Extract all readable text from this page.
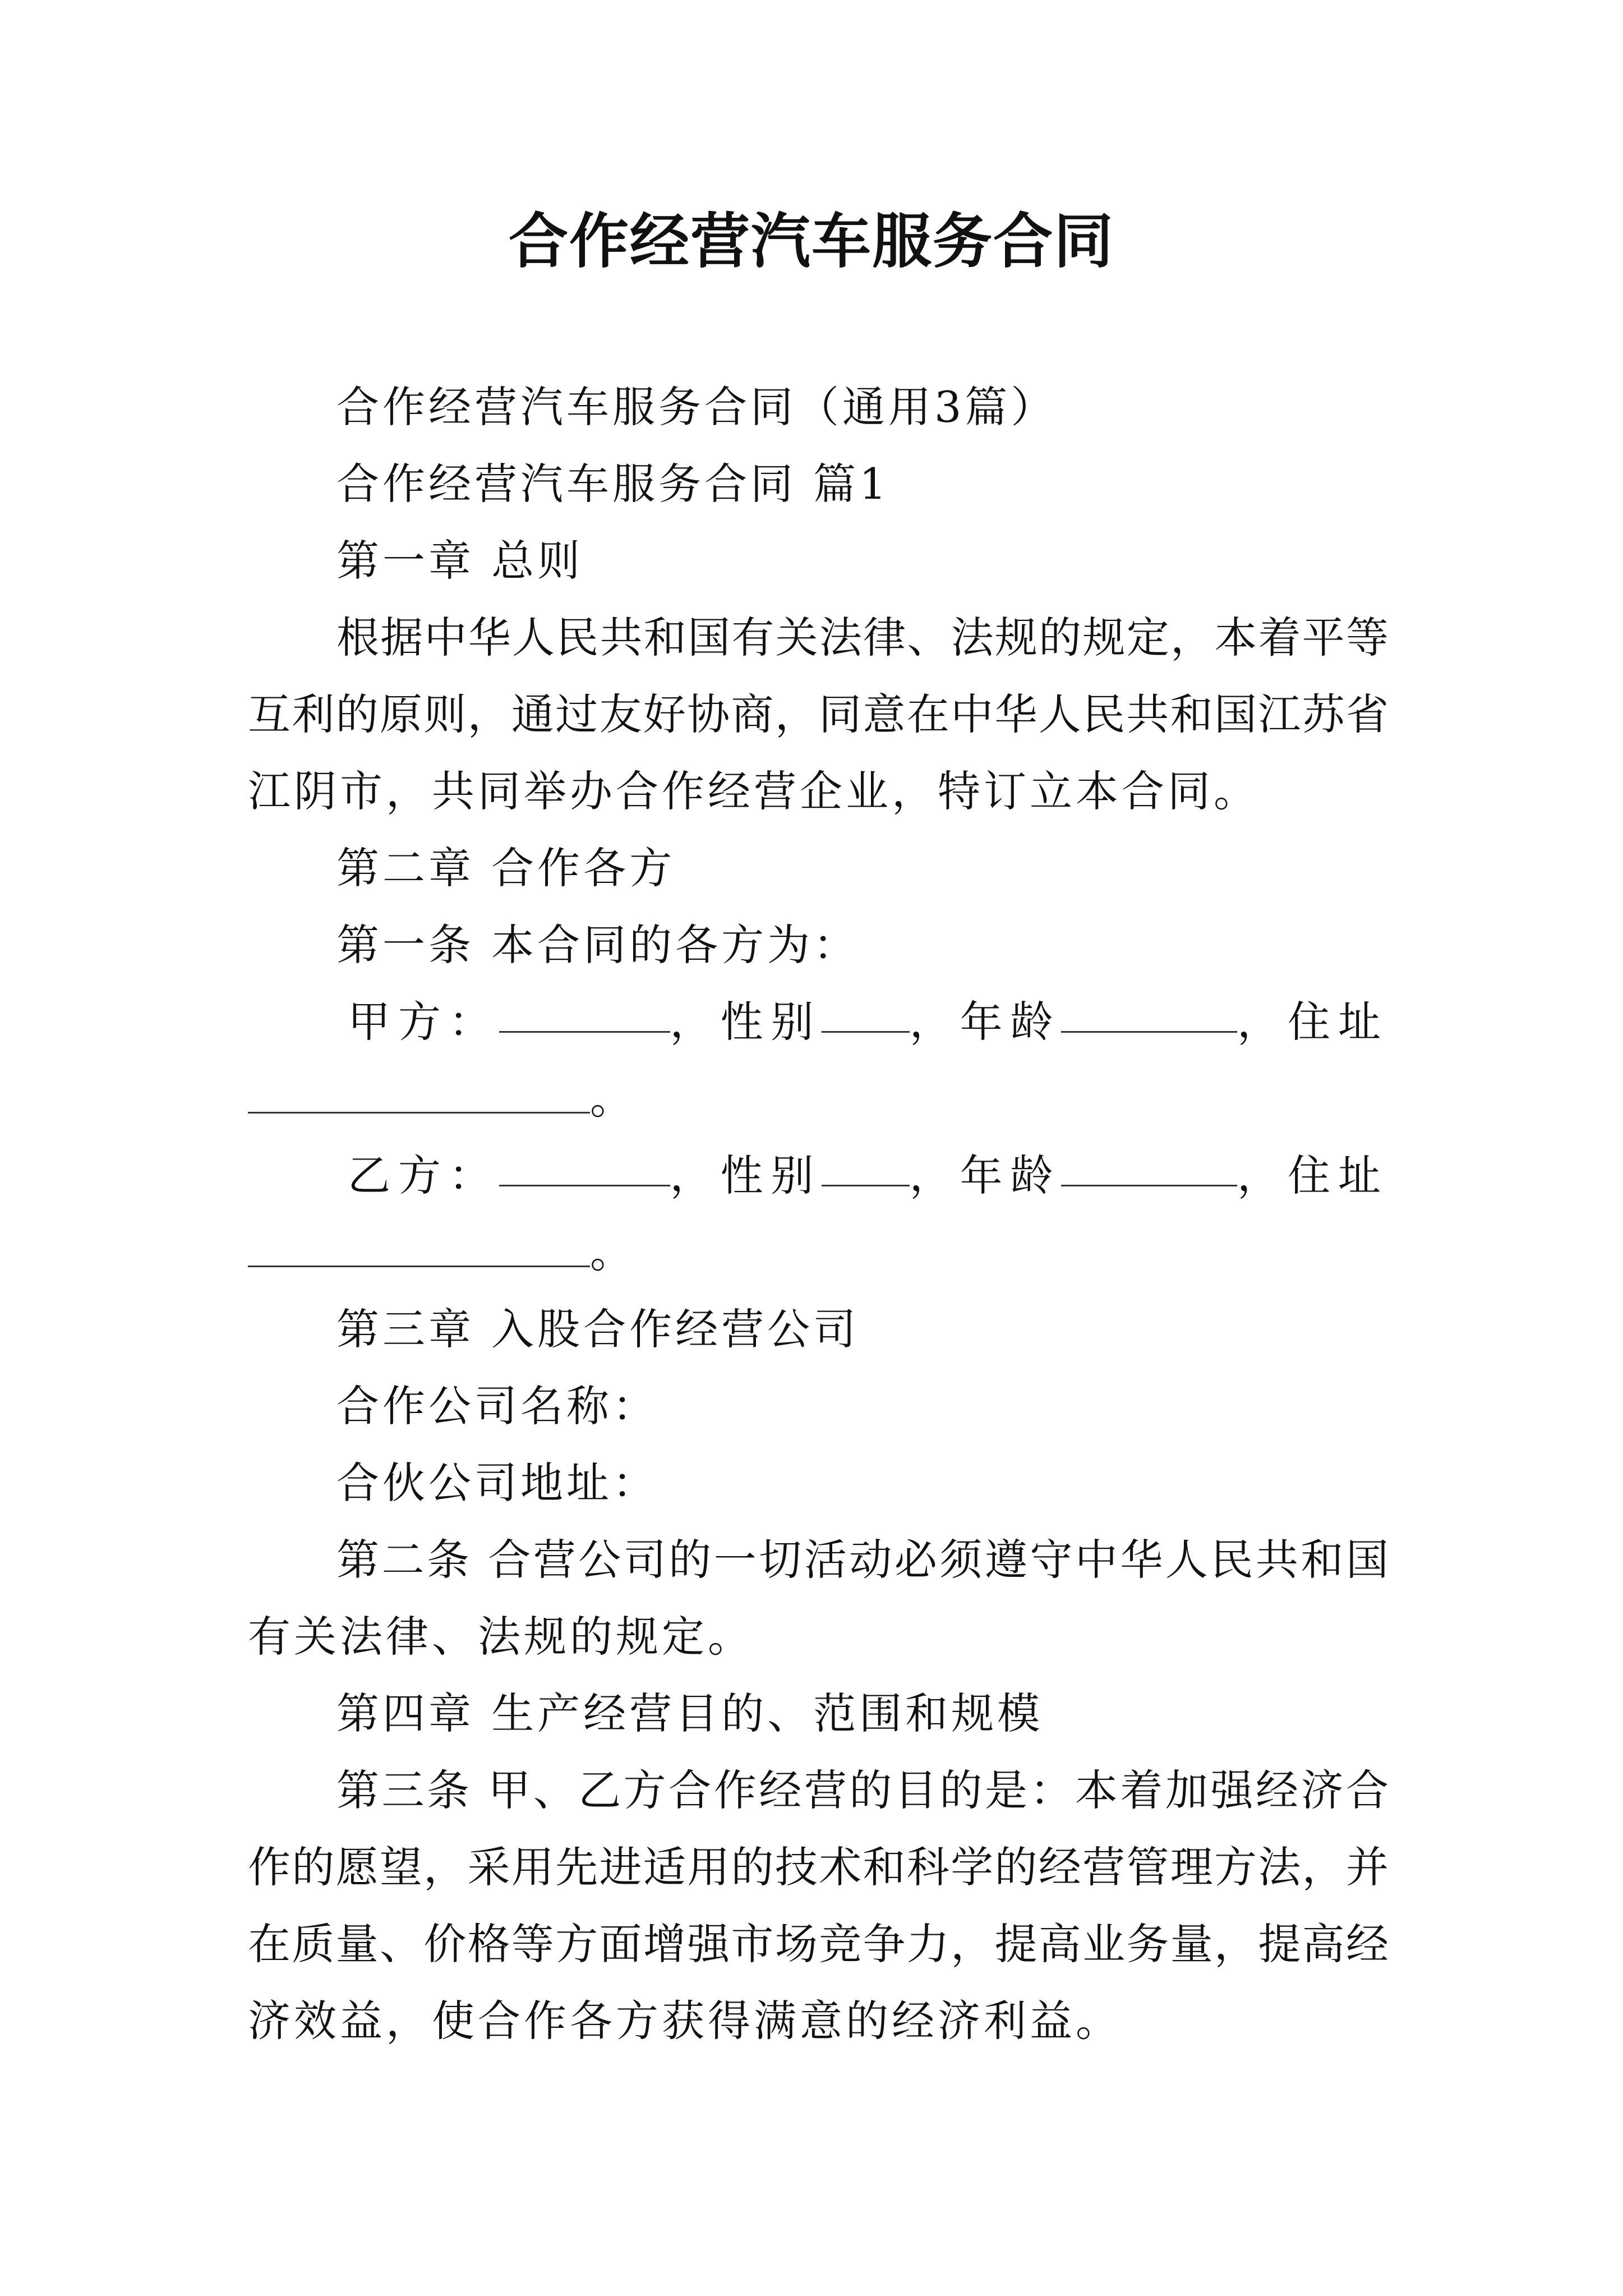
合作经营汽车服务合同
合作经营汽车服务合同（通用3篇）
合作经营汽车服务合同 篇1
第一章 总则
根据中华人民共和国有关法律、法规的规定，本着平等
互利的原则，通过友好协商，同意在中华人民共和国江苏省
江阴市，共同举办合作经营企业，特订立本合同。
第二章 合作各方
第一条 本合同的各方为：
甲方：	，性别 ，年龄	，住址
。
乙方：	，性别 ，年龄	，住址
。
第三章 入股合作经营公司
合作公司名称：
合伙公司地址：
第二条 合营公司的一切活动必须遵守中华人民共和国
有关法律、法规的规定。
第四章 生产经营目的、范围和规模
第三条 甲、乙方合作经营的目的是：本着加强经济合
作的愿望，采用先进适用的技术和科学的经营管理方法，并
在质量、价格等方面增强市场竞争力，提高业务量，提高经
济效益，使合作各方获得满意的经济利益。
